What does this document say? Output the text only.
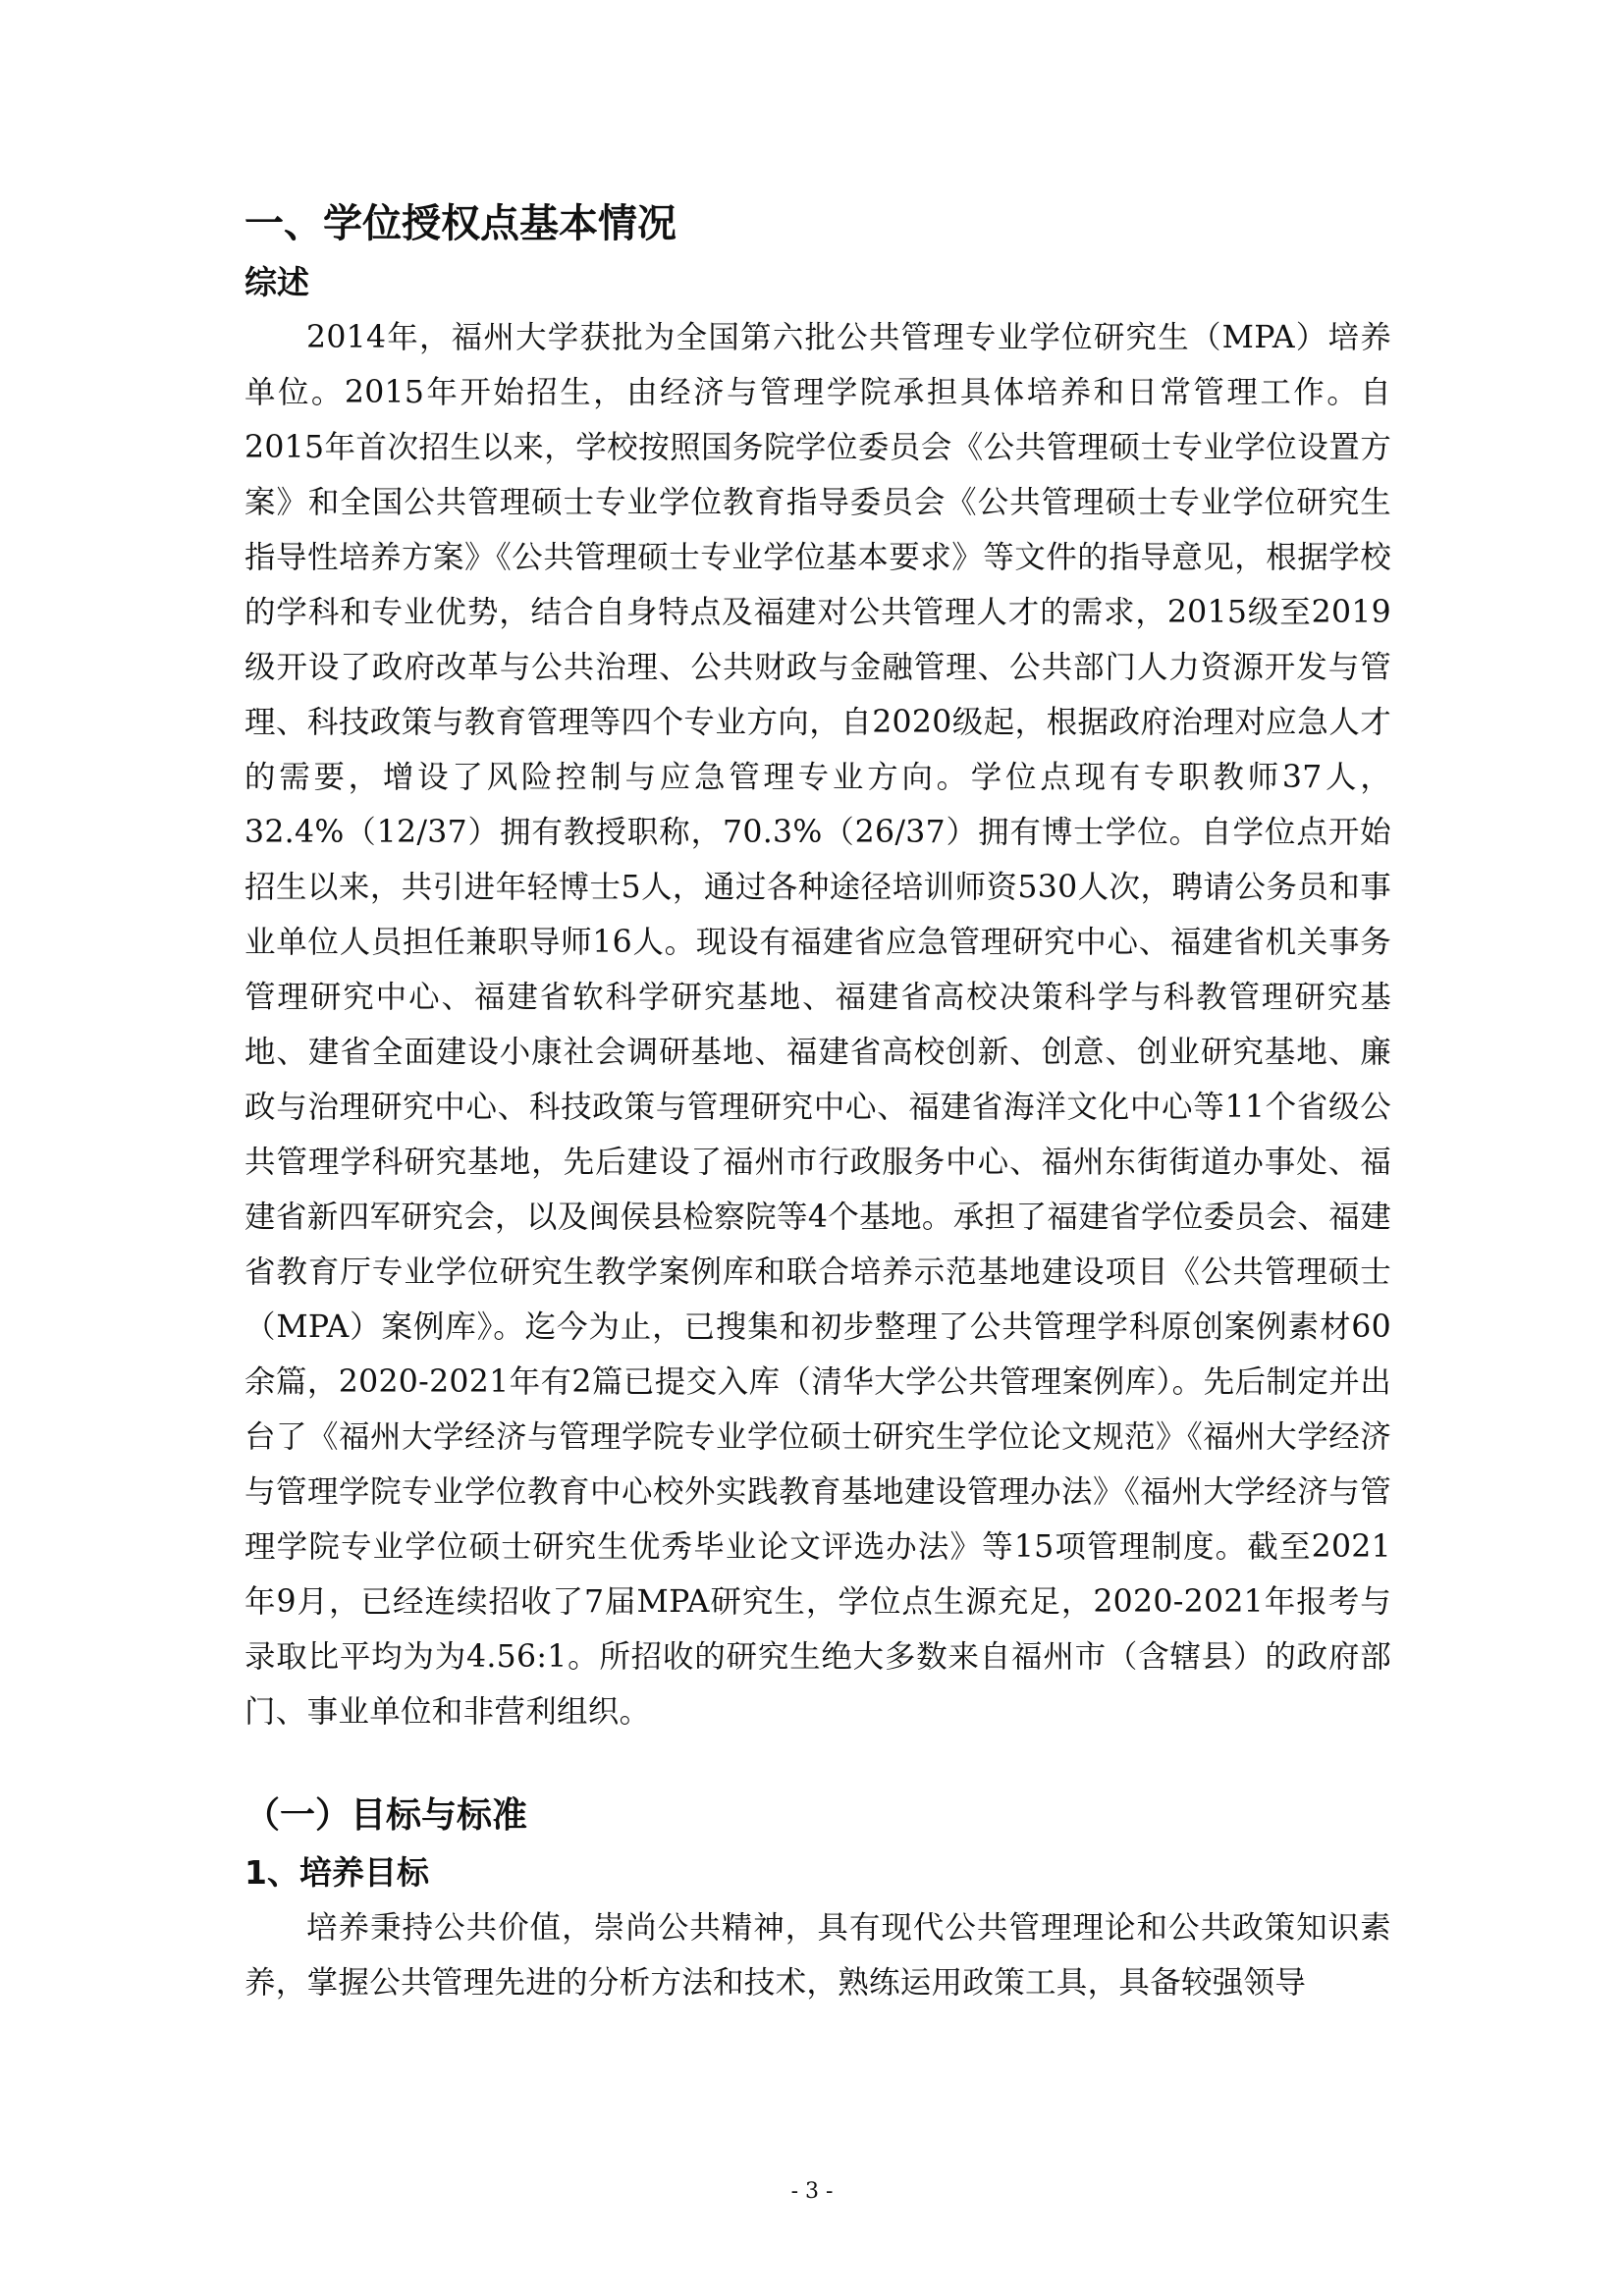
一、学位授权点基本情况
综述

2014年，福州大学获批为全国第六批公共管理专业学位研究生（MPA）培养单位。2015年开始招生，由经济与管理学院承担具体培养和日常管理工作。自2015年首次招生以来，学校按照国务院学位委员会《公共管理硕士专业学位设置方案》和全国公共管理硕士专业学位教育指导委员会《公共管理硕士专业学位研究生指导性培养方案》《公共管理硕士专业学位基本要求》等文件的指导意见，根据学校的学科和专业优势，结合自身特点及福建对公共管理人才的需求，2015级至2019级开设了政府改革与公共治理、公共财政与金融管理、公共部门人力资源开发与管理、科技政策与教育管理等四个专业方向，自2020级起，根据政府治理对应急人才的需要，增设了风险控制与应急管理专业方向。学位点现有专职教师37人，32.4%（12/37）拥有教授职称，70.3%（26/37）拥有博士学位。自学位点开始招生以来，共引进年轻博士5人，通过各种途径培训师资530人次，聘请公务员和事业单位人员担任兼职导师16人。现设有福建省应急管理研究中心、福建省机关事务管理研究中心、福建省软科学研究基地、福建省高校决策科学与科教管理研究基地、建省全面建设小康社会调研基地、福建省高校创新、创意、创业研究基地、廉政与治理研究中心、科技政策与管理研究中心、福建省海洋文化中心等11个省级公共管理学科研究基地，先后建设了福州市行政服务中心、福州东街街道办事处、福建省新四军研究会，以及闽侯县检察院等4个基地。承担了福建省学位委员会、福建省教育厅专业学位研究生教学案例库和联合培养示范基地建设项目《公共管理硕士（MPA）案例库》。迄今为止，已搜集和初步整理了公共管理学科原创案例素材60余篇，2020-2021年有2篇已提交入库（清华大学公共管理案例库）。先后制定并出台了《福州大学经济与管理学院专业学位硕士研究生学位论文规范》《福州大学经济与管理学院专业学位教育中心校外实践教育基地建设管理办法》《福州大学经济与管理学院专业学位硕士研究生优秀毕业论文评选办法》等15项管理制度。截至2021年9月，已经连续招收了7届MPA研究生，学位点生源充足，2020-2021年报考与录取比平均为为4.56:1。所招收的研究生绝大多数来自福州市（含辖县）的政府部门、事业单位和非营利组织。

（一）目标与标准
1、培养目标

培养秉持公共价值，崇尚公共精神，具有现代公共管理理论和公共政策知识素养，掌握公共管理先进的分析方法和技术，熟练运用政策工具，具备较强领导

- 3 -
